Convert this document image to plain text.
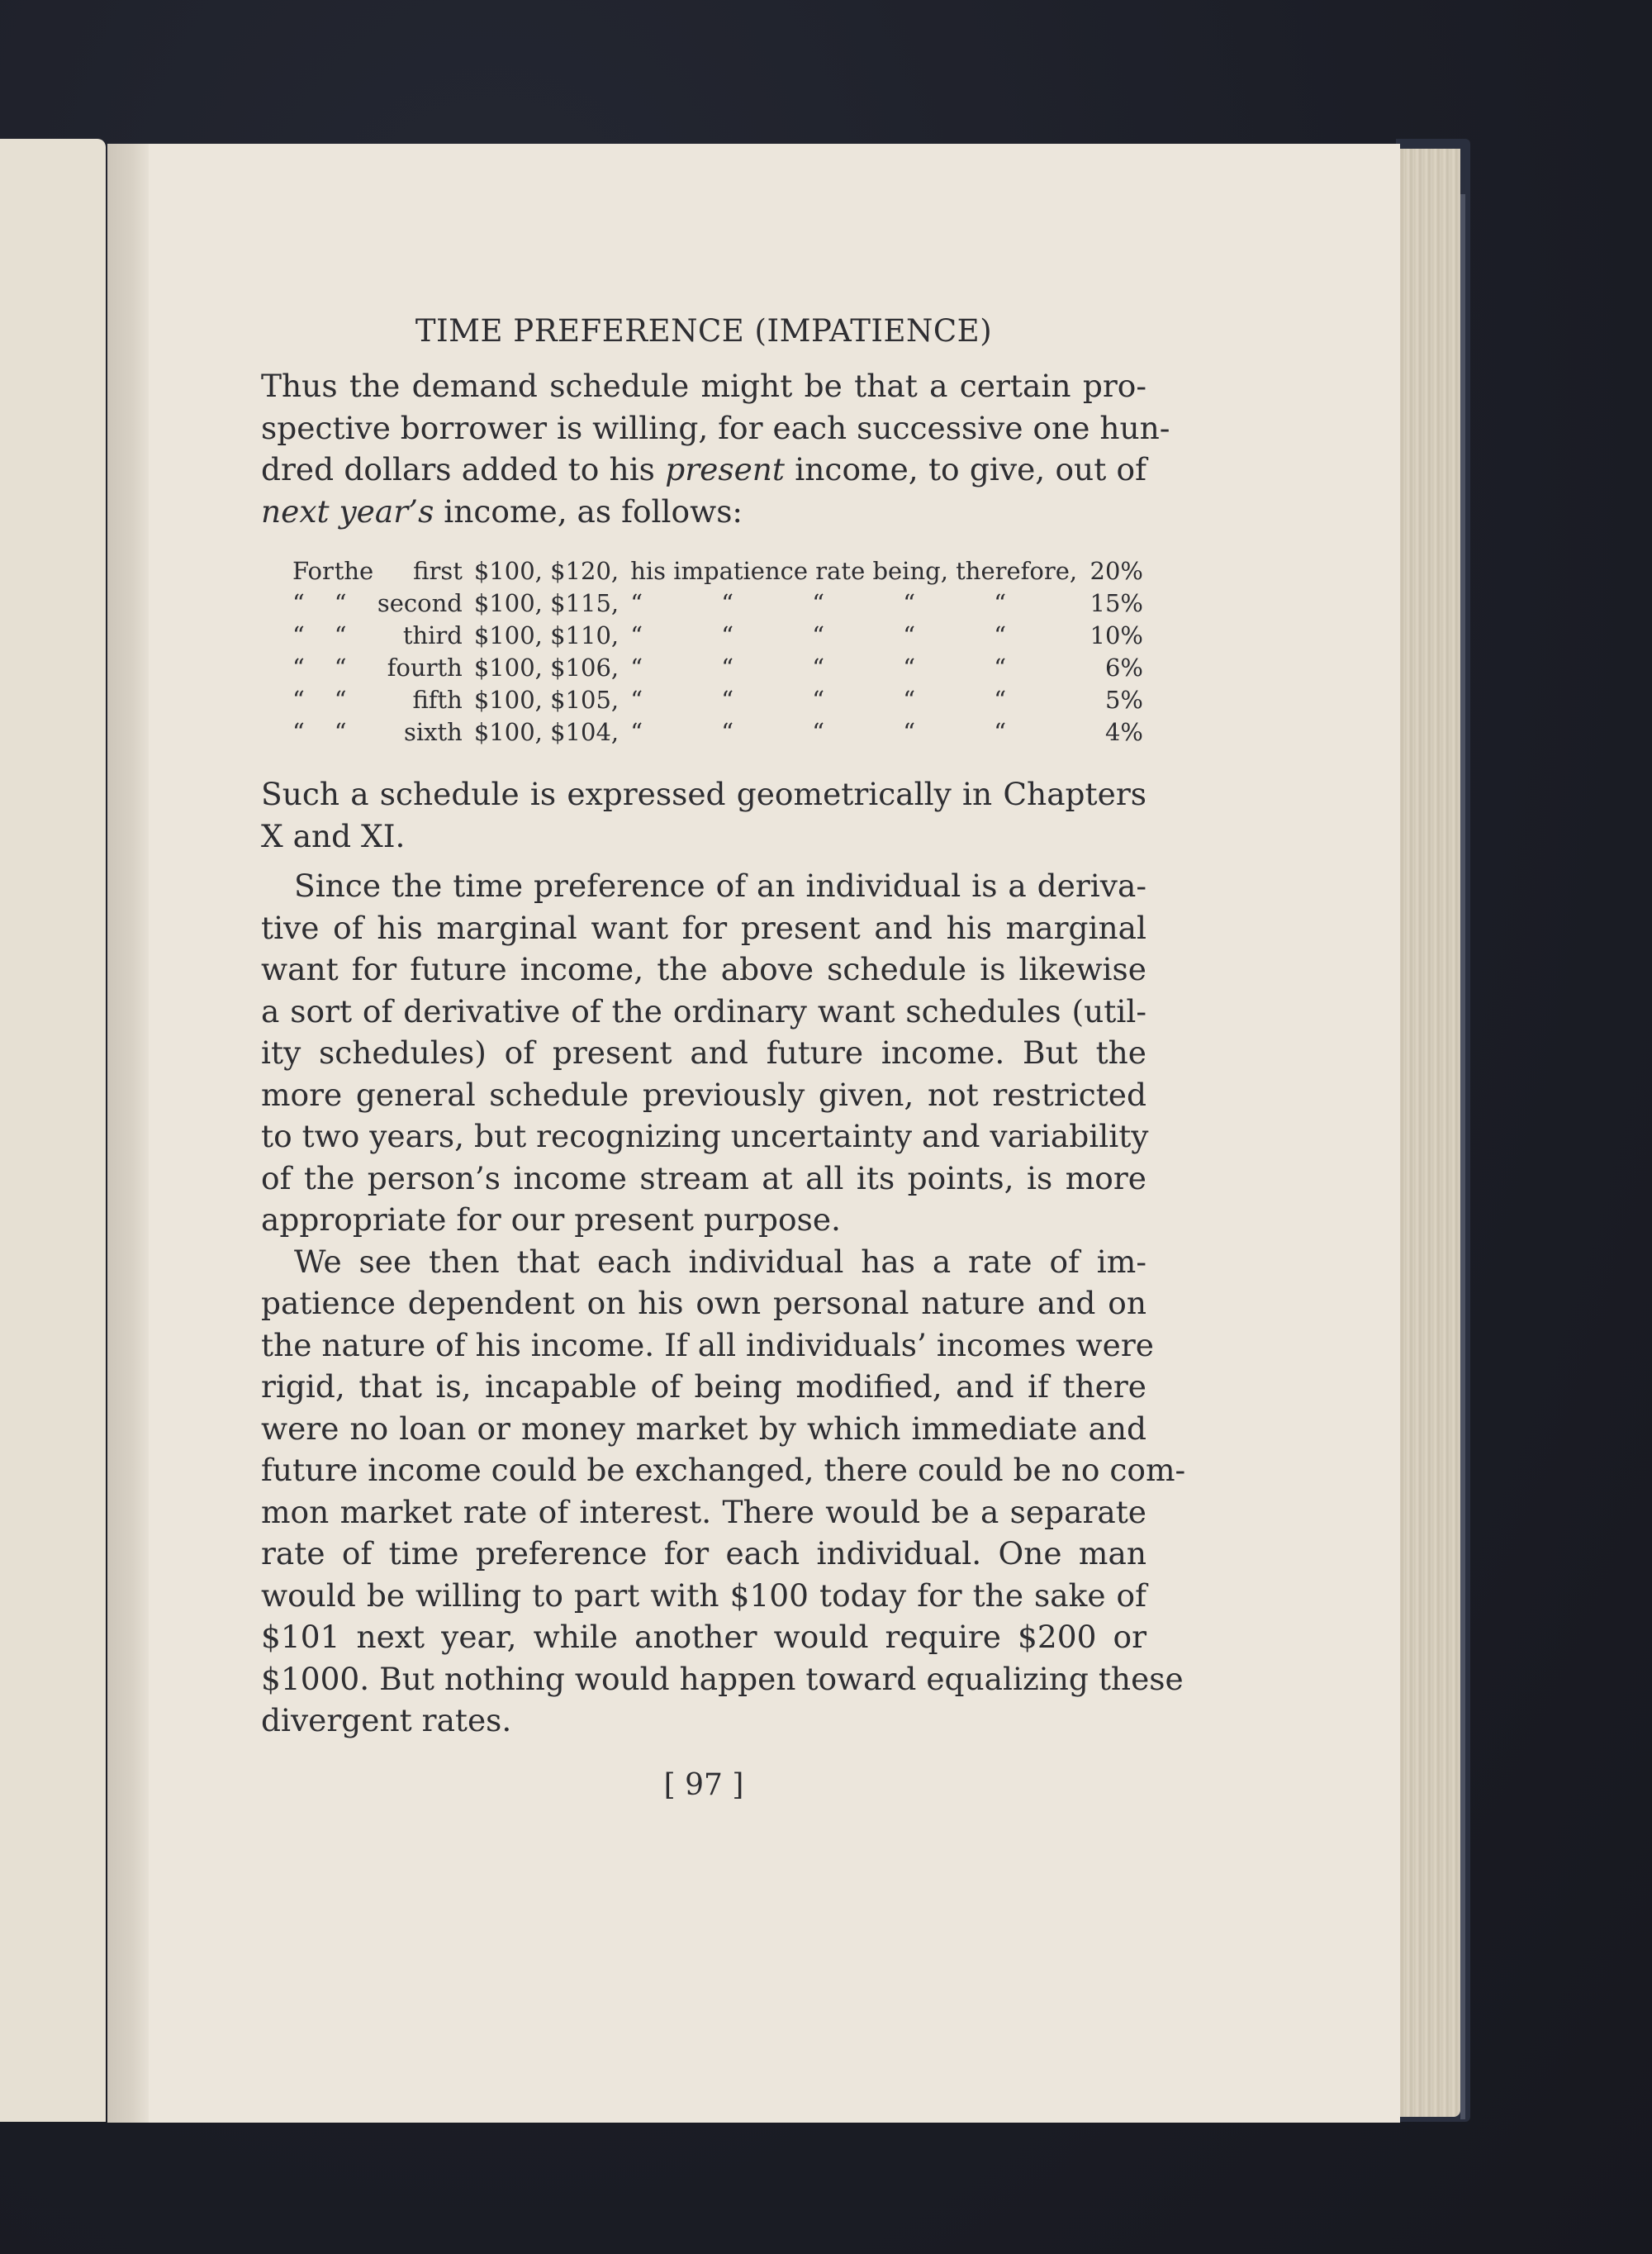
TIME PREFERENCE (IMPATIENCE)

Thus the demand schedule might be that a certain pro-
spective borrower is willing, for each successive one hun-
dred dollars added to his present income, to give, out of
next year’s income, as follows:

For	the	first	$100, $120,	his impatience rate being, therefore,	20%
“	“	second	$100, $115,	“ “ “ “ “	15%
“	“	third	$100, $110,	“ “ “ “ “	10%
“	“	fourth	$100, $106,	“ “ “ “ “	6%
“	“	fifth	$100, $105,	“ “ “ “ “	5%
“	“	sixth	$100, $104,	“ “ “ “ “	4%

Such a schedule is expressed geometrically in Chapters
X and XI.

Since the time preference of an individual is a deriva-
tive of his marginal want for present and his marginal
want for future income, the above schedule is likewise
a sort of derivative of the ordinary want schedules (util-
ity schedules) of present and future income. But the
more general schedule previously given, not restricted
to two years, but recognizing uncertainty and variability
of the person’s income stream at all its points, is more
appropriate for our present purpose.

We see then that each individual has a rate of im-
patience dependent on his own personal nature and on
the nature of his income. If all individuals’ incomes were
rigid, that is, incapable of being modified, and if there
were no loan or money market by which immediate and
future income could be exchanged, there could be no com-
mon market rate of interest. There would be a separate
rate of time preference for each individual. One man
would be willing to part with $100 today for the sake of
$101 next year, while another would require $200 or
$1000. But nothing would happen toward equalizing these
divergent rates.

[ 97 ]
